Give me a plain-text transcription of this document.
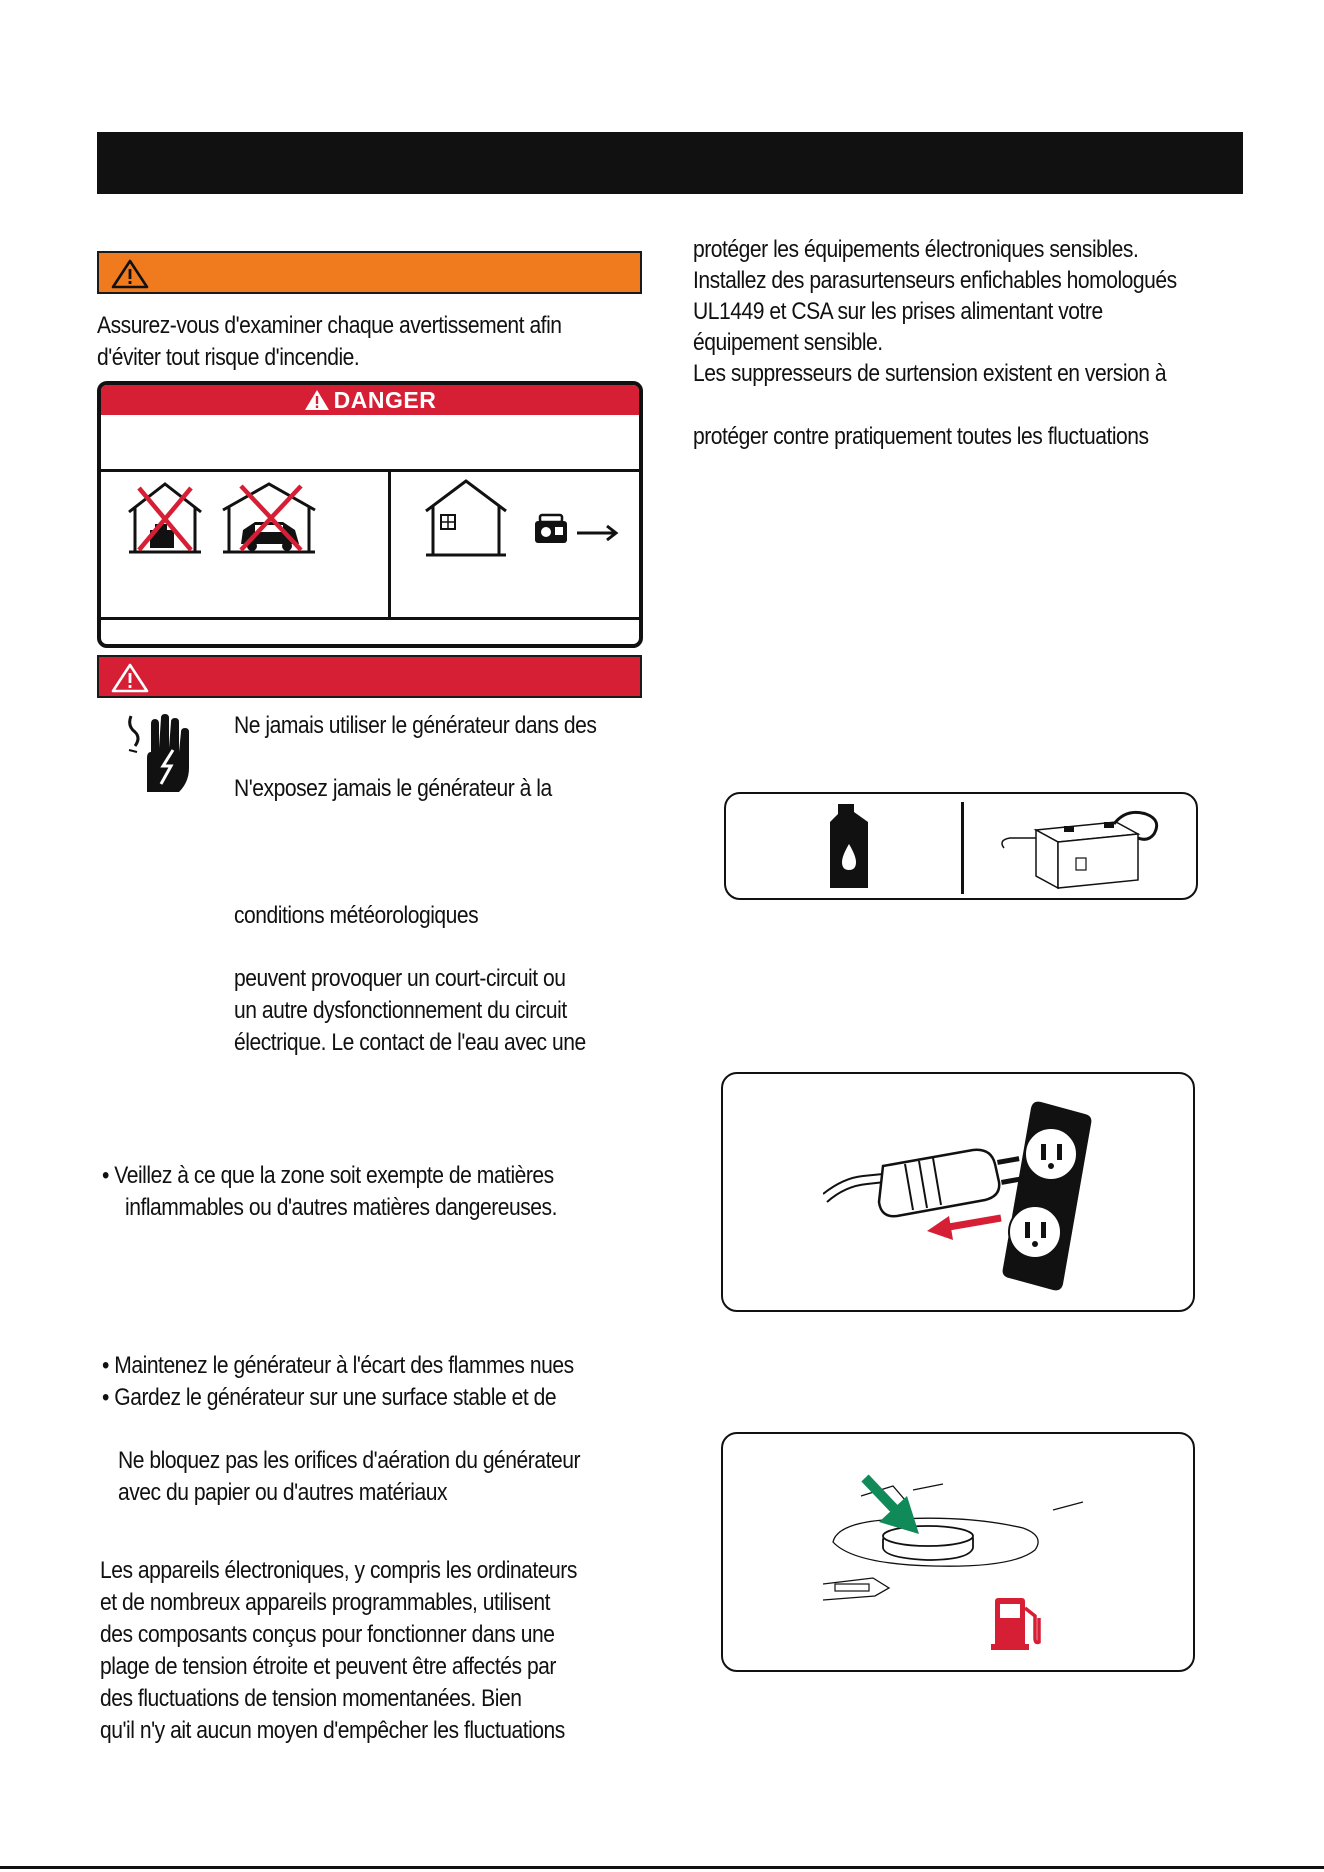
Assurez-vous d'examiner chaque avertissement afin
d'éviter tout risque d'incendie.
DANGER
Ne jamais utiliser le générateur dans des
N'exposez jamais le générateur à la
conditions météorologiques
peuvent provoquer un court-circuit ou
un autre dysfonctionnement du circuit
électrique. Le contact de l'eau avec une
• Veillez à ce que la zone soit exempte de matières
inflammables ou d'autres matières dangereuses.
• Maintenez le générateur à l'écart des flammes nues
• Gardez le générateur sur une surface stable et de
Ne bloquez pas les orifices d'aération du générateur
avec du papier ou d'autres matériaux
Les appareils électroniques, y compris les ordinateurs
et de nombreux appareils programmables, utilisent
des composants conçus pour fonctionner dans une
plage de tension étroite et peuvent être affectés par
des fluctuations de tension momentanées. Bien
qu'il n'y ait aucun moyen d'empêcher les fluctuations
protéger les équipements électroniques sensibles.
Installez des parasurtenseurs enfichables homologués
UL1449 et CSA sur les prises alimentant votre
équipement sensible.
Les suppresseurs de surtension existent en version à
protéger contre pratiquement toutes les fluctuations
